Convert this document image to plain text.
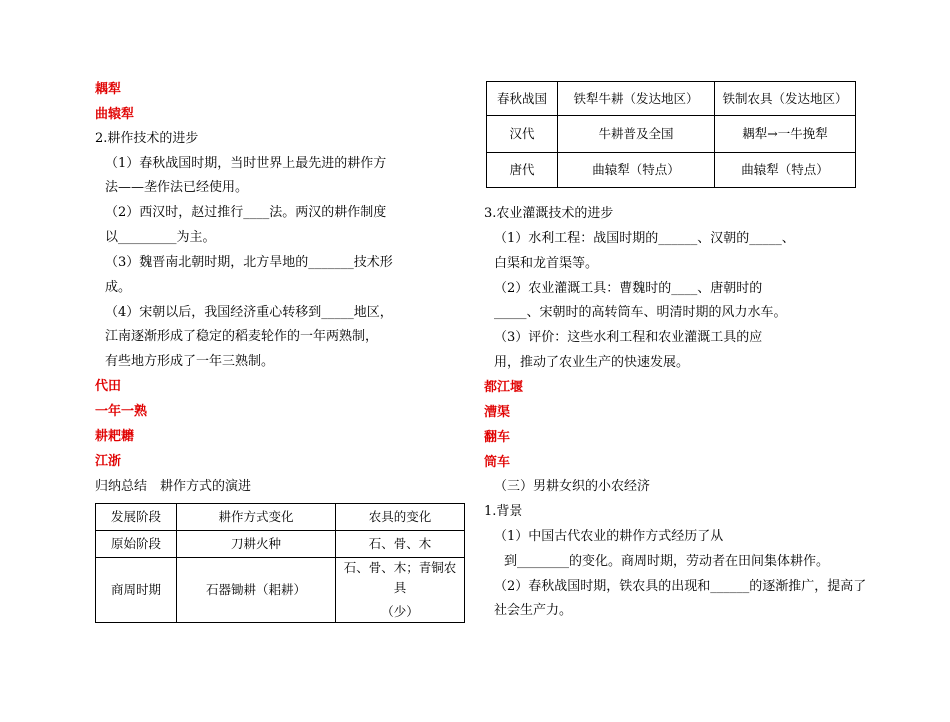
耦犁
曲辕犁
2.耕作技术的进步
（1）春秋战国时期，当时世界上最先进的耕作方
法——垄作法已经使用。
（2）西汉时，赵过推行____法。两汉的耕作制度
以_________为主。
（3）魏晋南北朝时期，北方旱地的_______技术形
成。
（4）宋朝以后，我国经济重心转移到_____地区，
江南逐渐形成了稳定的稻麦轮作的一年两熟制，
有些地方形成了一年三熟制。
代田
一年一熟
耕耙耱
江浙
归纳总结　耕作方式的演进
发展阶段	耕作方式变化	农具的变化
原始阶段	刀耕火种	石、骨、木
商周时期	石器锄耕（耜耕）	石、骨、木；青铜农具
（少）
春秋战国	铁犁牛耕（发达地区）	铁制农具（发达地区）
汉代	牛耕普及全国	耦犁→一牛挽犁
唐代	曲辕犁（特点）	曲辕犁（特点）
3.农业灌溉技术的进步
（1）水利工程：战国时期的______、汉朝的_____、
白渠和龙首渠等。
（2）农业灌溉工具：曹魏时的____、唐朝时的
_____、宋朝时的高转筒车、明清时期的风力水车。
（3）评价：这些水利工程和农业灌溉工具的应
用，推动了农业生产的快速发展。
都江堰
漕渠
翻车
筒车
（三）男耕女织的小农经济
1.背景
（1）中国古代农业的耕作方式经历了从
到________的变化。商周时期，劳动者在田间集体耕作。
（2）春秋战国时期，铁农具的出现和______的逐渐推广，提高了
社会生产力。
